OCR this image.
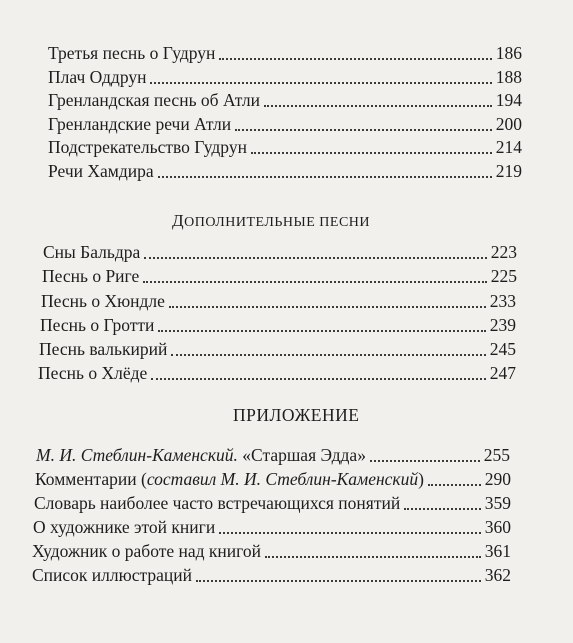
Третья песнь о Гудрун	186
Плач Оддрун	188
Гренландская песнь об Атли	194
Гренландские речи Атли	200
Подстрекательство Гудрун	214
Речи Хамдира	219
ДОПОЛНИТЕЛЬНЫЕ ПЕСНИ
Сны Бальдра	223
Песнь о Риге	225
Песнь о Хюндле	233
Песнь о Гротти	239
Песнь валькирий	245
Песнь о Хлёде	247
ПРИЛОЖЕНИЕ
М. И. Стеблин-Каменский. «Старшая Эдда»	255
Комментарии (составил М. И. Стеблин-Каменский)	290
Словарь наиболее часто встречающихся понятий	359
О художнике этой книги	360
Художник о работе над книгой	361
Список иллюстраций	362
